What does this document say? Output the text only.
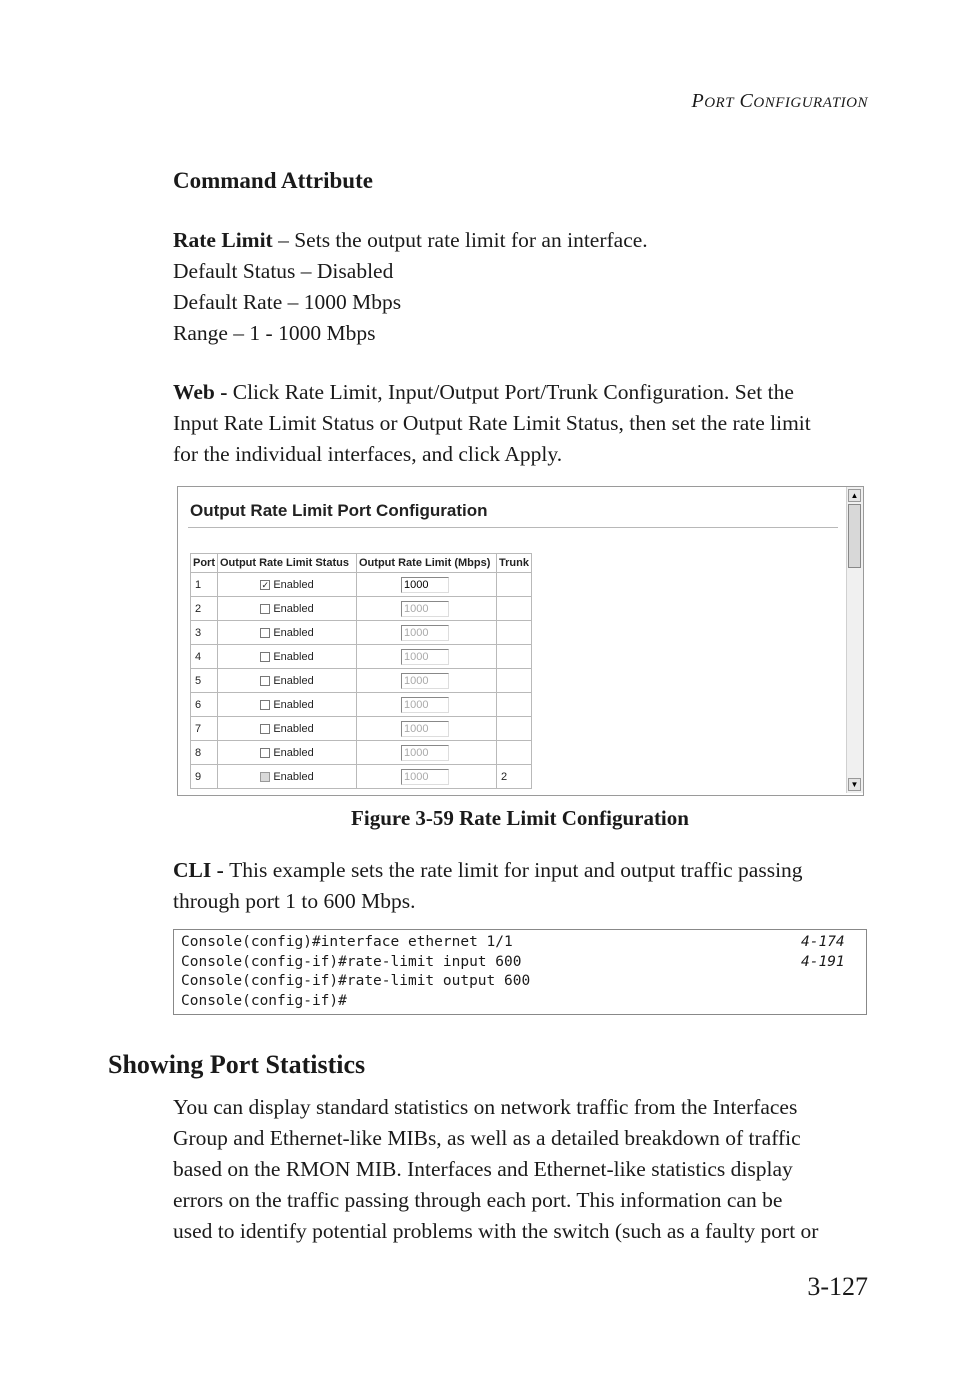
PORT CONFIGURATION
Command Attribute
Rate Limit – Sets the output rate limit for an interface.
Default Status – Disabled
Default Rate – 1000 Mbps
Range – 1 - 1000 Mbps
Web - Click Rate Limit, Input/Output Port/Trunk Configuration. Set the
Input Rate Limit Status or Output Rate Limit Status, then set the rate limit
for the individual interfaces, and click Apply.
Output Rate Limit Port Configuration
Port	Output Rate Limit Status	Output Rate Limit (Mbps)	Trunk
1	✓ Enabled	1000	
2	Enabled	1000	
3	Enabled	1000	
4	Enabled	1000	
5	Enabled	1000	
6	Enabled	1000	
7	Enabled	1000	
8	Enabled	1000	
9	Enabled	1000	2
▲
▼
Figure 3-59 Rate Limit Configuration
CLI - This example sets the rate limit for input and output traffic passing
through port 1 to 600 Mbps.
Console(config)#interface ethernet 1/1	4-174
Console(config-if)#rate-limit input 600	4-191
Console(config-if)#rate-limit output 600
Console(config-if)#
Showing Port Statistics
You can display standard statistics on network traffic from the Interfaces
Group and Ethernet-like MIBs, as well as a detailed breakdown of traffic
based on the RMON MIB. Interfaces and Ethernet-like statistics display
errors on the traffic passing through each port. This information can be
used to identify potential problems with the switch (such as a faulty port or
3-127
